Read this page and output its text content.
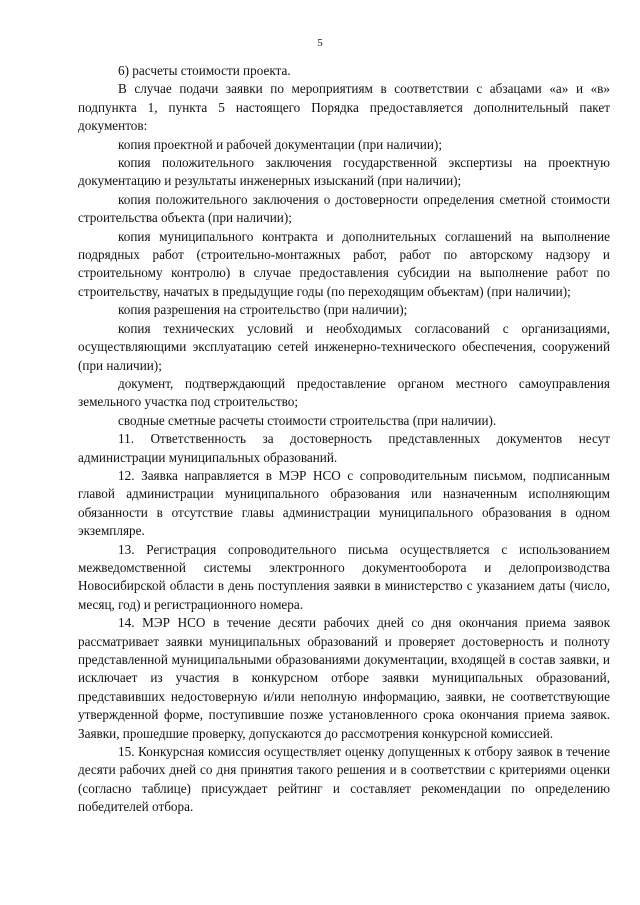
5

6) расчеты стоимости проекта.

В случае подачи заявки по мероприятиям в соответствии с абзацами «а» и «в» подпункта 1, пункта 5 настоящего Порядка предоставляется дополнительный пакет документов:

копия проектной и рабочей документации (при наличии);

копия положительного заключения государственной экспертизы на проектную документацию и результаты инженерных изысканий (при наличии);

копия положительного заключения о достоверности определения сметной стоимости строительства объекта (при наличии);

копия муниципального контракта и дополнительных соглашений на выполнение подрядных работ (строительно-монтажных работ, работ по авторскому надзору и строительному контролю) в случае предоставления субсидии на выполнение работ по строительству, начатых в предыдущие годы (по переходящим объектам) (при наличии);

копия разрешения на строительство (при наличии);

копия технических условий и необходимых согласований с организациями, осуществляющими эксплуатацию сетей инженерно-технического обеспечения, сооружений (при наличии);

документ, подтверждающий предоставление органом местного самоуправления земельного участка под строительство;

сводные сметные расчеты стоимости строительства (при наличии).

11. Ответственность за достоверность представленных документов несут администрации муниципальных образований.

12. Заявка направляется в МЭР НСО с сопроводительным письмом, подписанным главой администрации муниципального образования или назначенным исполняющим обязанности в отсутствие главы администрации муниципального образования в одном экземпляре.

13. Регистрация сопроводительного письма осуществляется с использованием межведомственной системы электронного документооборота и делопроизводства Новосибирской области в день поступления заявки в министерство с указанием даты (число, месяц, год) и регистрационного номера.

14. МЭР НСО в течение десяти рабочих дней со дня окончания приема заявок рассматривает заявки муниципальных образований и проверяет достоверность и полноту представленной муниципальными образованиями документации, входящей в состав заявки, и исключает из участия в конкурсном отборе заявки муниципальных образований, представивших недостоверную и/или неполную информацию, заявки, не соответствующие утвержденной форме, поступившие позже установленного срока окончания приема заявок. Заявки, прошедшие проверку, допускаются до рассмотрения конкурсной комиссией.

15. Конкурсная комиссия осуществляет оценку допущенных к отбору заявок в течение десяти рабочих дней со дня принятия такого решения и в соответствии с критериями оценки (согласно таблице) присуждает рейтинг и составляет рекомендации по определению победителей отбора.
